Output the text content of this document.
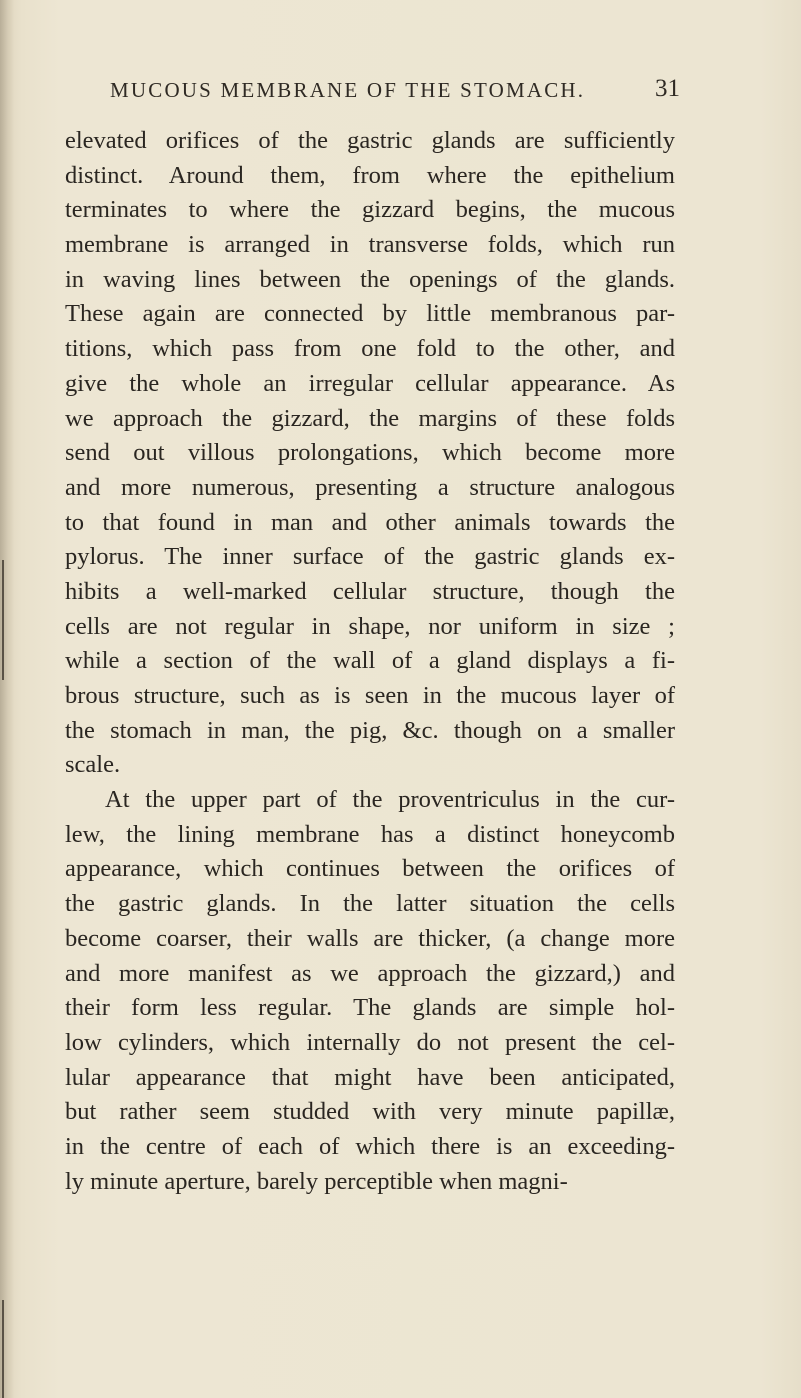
MUCOUS MEMBRANE OF THE STOMACH.	31
elevated orifices of the gastric glands are sufficiently
distinct. Around them, from where the epithelium
terminates to where the gizzard begins, the mucous
membrane is arranged in transverse folds, which run
in waving lines between the openings of the glands.
These again are connected by little membranous par-
titions, which pass from one fold to the other, and
give the whole an irregular cellular appearance. As
we approach the gizzard, the margins of these folds
send out villous prolongations, which become more
and more numerous, presenting a structure analogous
to that found in man and other animals towards the
pylorus. The inner surface of the gastric glands ex-
hibits a well-marked cellular structure, though the
cells are not regular in shape, nor uniform in size ;
while a section of the wall of a gland displays a fi-
brous structure, such as is seen in the mucous layer of
the stomach in man, the pig, &c. though on a smaller
scale.
At the upper part of the proventriculus in the cur-
lew, the lining membrane has a distinct honeycomb
appearance, which continues between the orifices of
the gastric glands. In the latter situation the cells
become coarser, their walls are thicker, (a change more
and more manifest as we approach the gizzard,) and
their form less regular. The glands are simple hol-
low cylinders, which internally do not present the cel-
lular appearance that might have been anticipated,
but rather seem studded with very minute papillæ,
in the centre of each of which there is an exceeding-
ly minute aperture, barely perceptible when magni-
